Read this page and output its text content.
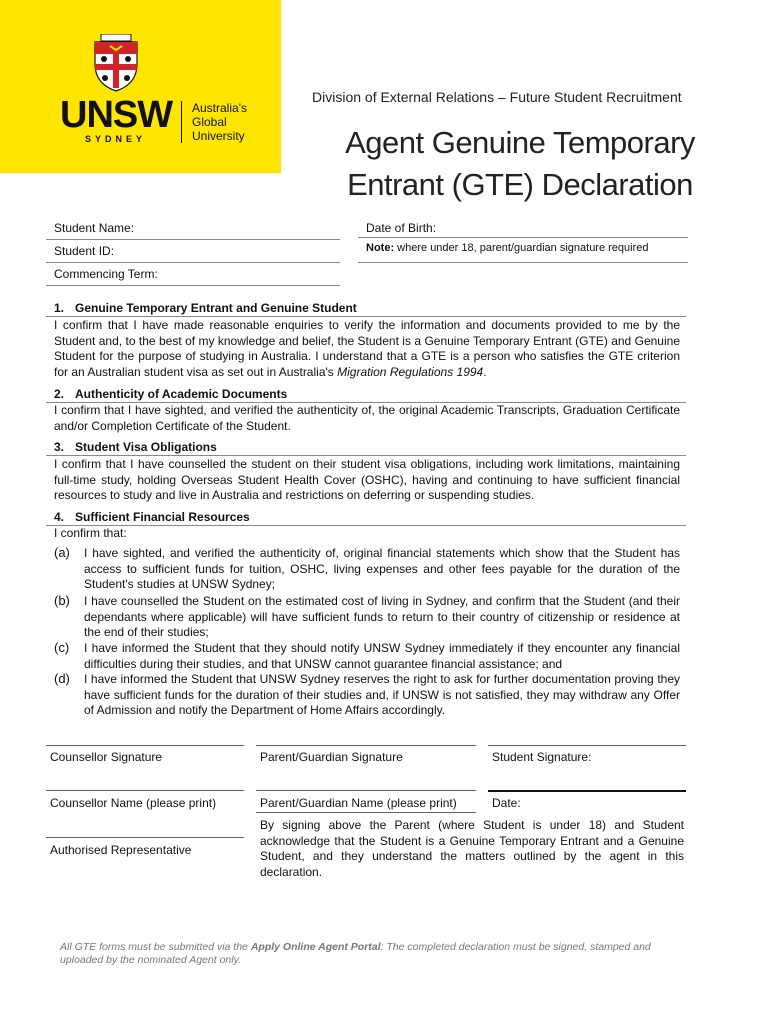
UNSW
SYDNEY
Australia's Global University
Division of External Relations – Future Student Recruitment
Agent Genuine Temporary
Entrant (GTE) Declaration
Student Name:
Student ID:
Commencing Term:
Date of Birth:
Note: where under 18, parent/guardian signature required
1. Genuine Temporary Entrant and Genuine Student
I confirm that I have made reasonable enquiries to verify the information and documents provided to me by the Student and, to the best of my knowledge and belief, the Student is a Genuine Temporary Entrant (GTE) and Genuine Student for the purpose of studying in Australia. I understand that a GTE is a person who satisfies the GTE criterion for an Australian student visa as set out in Australia's Migration Regulations 1994.
2. Authenticity of Academic Documents
I confirm that I have sighted, and verified the authenticity of, the original Academic Transcripts, Graduation Certificate and/or Completion Certificate of the Student.
3. Student Visa Obligations
I confirm that I have counselled the student on their student visa obligations, including work limitations, maintaining full-time study, holding Overseas Student Health Cover (OSHC), having and continuing to have sufficient financial resources to study and live in Australia and restrictions on deferring or suspending studies.
4. Sufficient Financial Resources
I confirm that:
(a) I have sighted, and verified the authenticity of, original financial statements which show that the Student has access to sufficient funds for tuition, OSHC, living expenses and other fees payable for the duration of the Student's studies at UNSW Sydney;
(b) I have counselled the Student on the estimated cost of living in Sydney, and confirm that the Student (and their dependants where applicable) will have sufficient funds to return to their country of citizenship or residence at the end of their studies;
(c) I have informed the Student that they should notify UNSW Sydney immediately if they encounter any financial difficulties during their studies, and that UNSW cannot guarantee financial assistance; and
(d) I have informed the Student that UNSW Sydney reserves the right to ask for further documentation proving they have sufficient funds for the duration of their studies and, if UNSW is not satisfied, they may withdraw any Offer of Admission and notify the Department of Home Affairs accordingly.
Counsellor Signature	Parent/Guardian Signature	Student Signature:
Counsellor Name (please print)	Parent/Guardian Name (please print)	Date:
Authorised Representative
By signing above the Parent (where Student is under 18) and Student acknowledge that the Student is a Genuine Temporary Entrant and a Genuine Student, and they understand the matters outlined by the agent in this declaration.
All GTE forms must be submitted via the Apply Online Agent Portal: The completed declaration must be signed, stamped and uploaded by the nominated Agent only.
